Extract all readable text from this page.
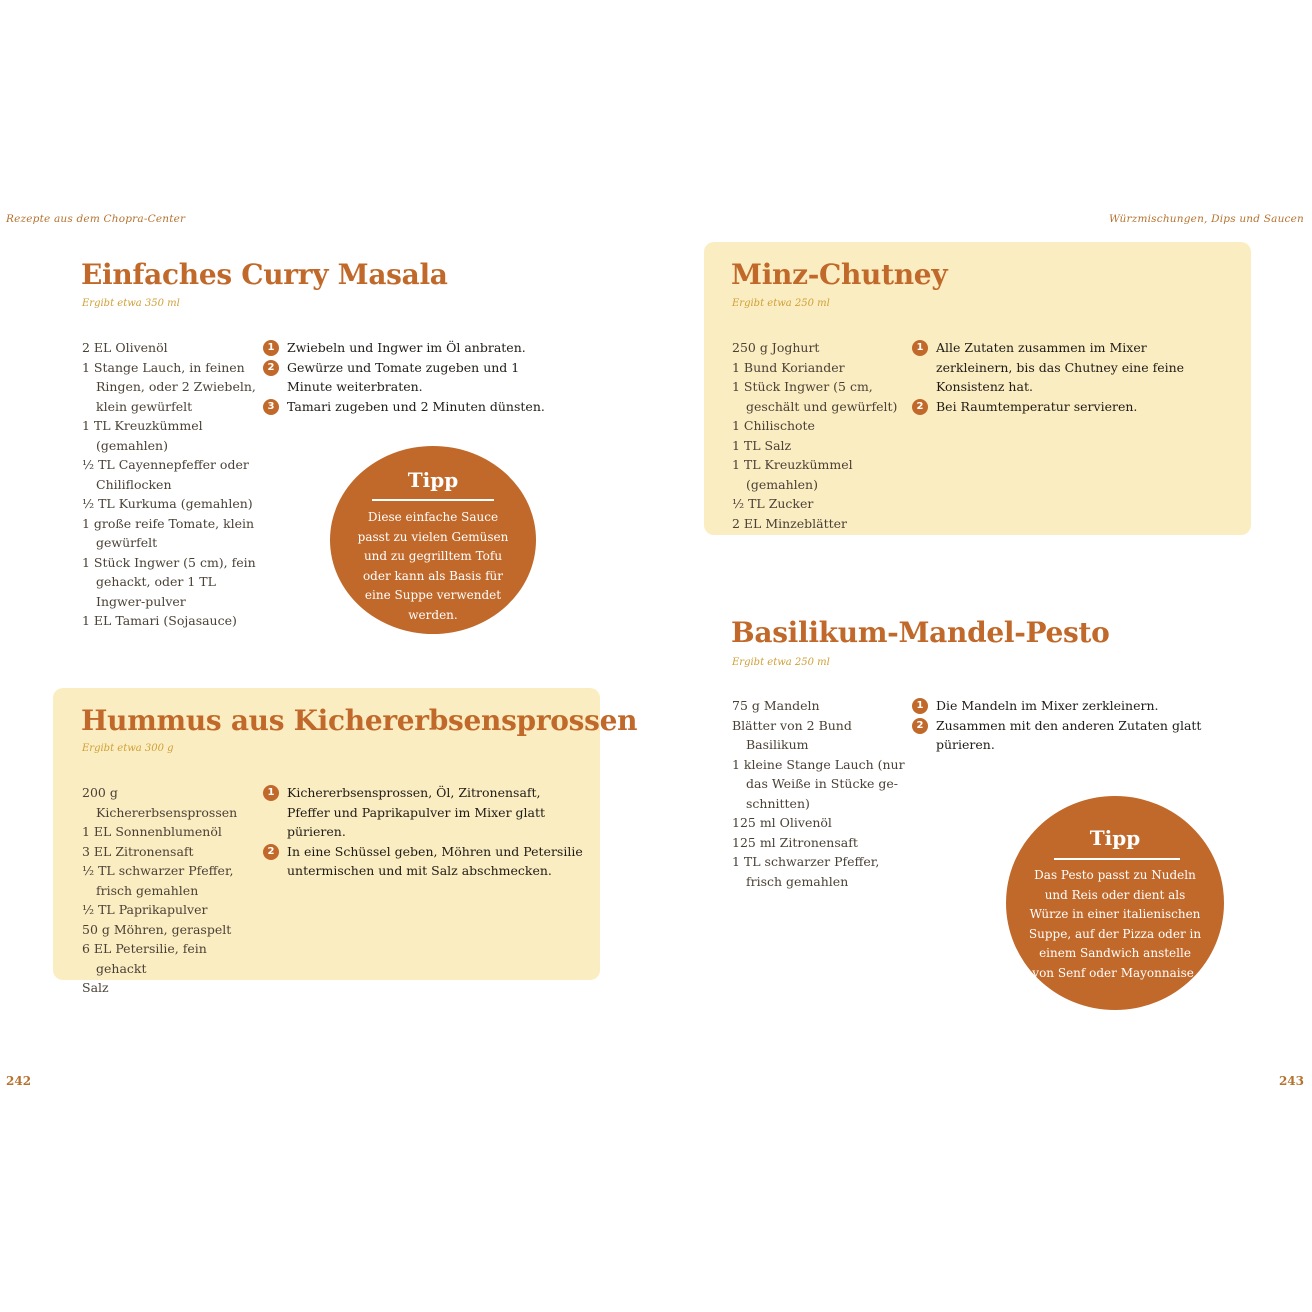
Rezepte aus dem Chopra-Center	Würzmischungen, Dips und Saucen
Einfaches Curry Masala
Ergibt etwa 350 ml
2 EL Olivenöl
1 Stange Lauch, in feinen Ringen, oder 2 Zwiebeln, klein gewürfelt
1 TL Kreuzkümmel (gemahlen)
½ TL Cayennepfeffer oder Chiliflocken
½ TL Kurkuma (gemahlen)
1 große reife Tomate, klein gewürfelt
1 Stück Ingwer (5 cm), fein gehackt, oder 1 TL Ingwer-pulver
1 EL Tamari (Sojasauce)
1	Zwiebeln und Ingwer im Öl anbraten.
2	Gewürze und Tomate zugeben und 1 Minute weiterbraten.
3	Tamari zugeben und 2 Minuten dünsten.
Tipp
Diese einfache Sauce passt zu vielen Gemüsen und zu gegrilltem Tofu oder kann als Basis für eine Suppe verwendet werden.
Hummus aus Kichererbsensprossen
Ergibt etwa 300 g
200 g Kichererbsensprossen
1 EL Sonnenblumenöl
3 EL Zitronensaft
½ TL schwarzer Pfeffer, frisch gemahlen
½ TL Paprikapulver
50 g Möhren, geraspelt
6 EL Petersilie, fein gehackt
Salz
1	Kichererbsensprossen, Öl, Zitronensaft, Pfeffer und Paprikapulver im Mixer glatt pürieren.
2	In eine Schüssel geben, Möhren und Petersilie untermischen und mit Salz abschmecken.
Minz-Chutney
Ergibt etwa 250 ml
250 g Joghurt
1 Bund Koriander
1 Stück Ingwer (5 cm, geschält und gewürfelt)
1 Chilischote
1 TL Salz
1 TL Kreuzkümmel (gemahlen)
½ TL Zucker
2 EL Minzeblätter
1	Alle Zutaten zusammen im Mixer zerkleinern, bis das Chutney eine feine Konsistenz hat.
2	Bei Raumtemperatur servieren.
Basilikum-Mandel-Pesto
Ergibt etwa 250 ml
75 g Mandeln
Blätter von 2 Bund Basilikum
1 kleine Stange Lauch (nur das Weiße in Stücke ge-schnitten)
125 ml Olivenöl
125 ml Zitronensaft
1 TL schwarzer Pfeffer, frisch gemahlen
1	Die Mandeln im Mixer zerkleinern.
2	Zusammen mit den anderen Zutaten glatt pürieren.
Tipp
Das Pesto passt zu Nudeln und Reis oder dient als Würze in einer italienischen Suppe, auf der Pizza oder in einem Sandwich anstelle von Senf oder Mayonnaise.
242	243
